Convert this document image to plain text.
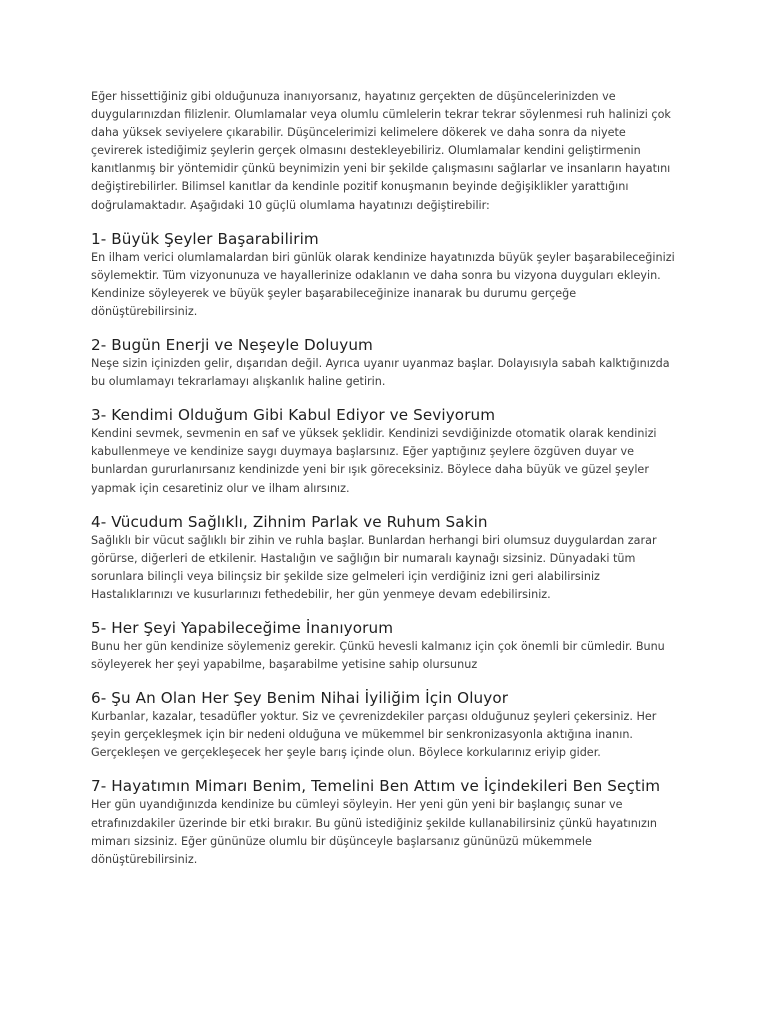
Eğer hissettiğiniz gibi olduğunuza inanıyorsanız, hayatınız gerçekten de düşüncelerinizden ve duygularınızdan filizlenir. Olumlamalar veya olumlu cümlelerin tekrar tekrar söylenmesi ruh halinizi çok daha yüksek seviyelere çıkarabilir. Düşüncelerimizi kelimelere dökerek ve daha sonra da niyete çevirerek istediğimiz şeylerin gerçek olmasını destekleyebiliriz. Olumlamalar kendini geliştirmenin kanıtlanmış bir yöntemidir çünkü beynimizin yeni bir şekilde çalışmasını sağlarlar ve insanların hayatını değiştirebilirler. Bilimsel kanıtlar da kendinle pozitif konuşmanın beyinde değişiklikler yarattığını doğrulamaktadır. Aşağıdaki 10 güçlü olumlama hayatınızı değiştirebilir:

1- Büyük Şeyler Başarabilirim

En ilham verici olumlamalardan biri günlük olarak kendinize hayatınızda büyük şeyler başarabileceğinizi söylemektir. Tüm vizyonunuza ve hayallerinize odaklanın ve daha sonra bu vizyona duyguları ekleyin. Kendinize söyleyerek ve büyük şeyler başarabileceğinize inanarak bu durumu gerçeğe dönüştürebilirsiniz.

2- Bugün Enerji ve Neşeyle Doluyum

Neşe sizin içinizden gelir, dışarıdan değil. Ayrıca uyanır uyanmaz başlar. Dolayısıyla sabah kalktığınızda bu olumlamayı tekrarlamayı alışkanlık haline getirin.

3- Kendimi Olduğum Gibi Kabul Ediyor ve Seviyorum

Kendini sevmek, sevmenin en saf ve yüksek şeklidir. Kendinizi sevdiğinizde otomatik olarak kendinizi kabullenmeye ve kendinize saygı duymaya başlarsınız. Eğer yaptığınız şeylere özgüven duyar ve bunlardan gururlanırsanız kendinizde yeni bir ışık göreceksiniz. Böylece daha büyük ve güzel şeyler yapmak için cesaretiniz olur ve ilham alırsınız.

4- Vücudum Sağlıklı, Zihnim Parlak ve Ruhum Sakin

Sağlıklı bir vücut sağlıklı bir zihin ve ruhla başlar. Bunlardan herhangi biri olumsuz duygulardan zarar görürse, diğerleri de etkilenir. Hastalığın ve sağlığın bir numaralı kaynağı sizsiniz. Dünyadaki tüm sorunlara bilinçli veya bilinçsiz bir şekilde size gelmeleri için verdiğiniz izni geri alabilirsiniz Hastalıklarınızı ve kusurlarınızı fethedebilir, her gün yenmeye devam edebilirsiniz.

5- Her Şeyi Yapabileceğime İnanıyorum

Bunu her gün kendinize söylemeniz gerekir. Çünkü hevesli kalmanız için çok önemli bir cümledir. Bunu söyleyerek her şeyi yapabilme, başarabilme yetisine sahip olursunuz

6- Şu An Olan Her Şey Benim Nihai İyiliğim İçin Oluyor

Kurbanlar, kazalar, tesadüfler yoktur. Siz ve çevrenizdekiler parçası olduğunuz şeyleri çekersiniz. Her şeyin gerçekleşmek için bir nedeni olduğuna ve mükemmel bir senkronizasyonla aktığına inanın. Gerçekleşen ve gerçekleşecek her şeyle barış içinde olun. Böylece korkularınız eriyip gider.

7- Hayatımın Mimarı Benim, Temelini Ben Attım ve İçindekileri Ben Seçtim

Her gün uyandığınızda kendinize bu cümleyi söyleyin. Her yeni gün yeni bir başlangıç sunar ve etrafınızdakiler üzerinde bir etki bırakır. Bu günü istediğiniz şekilde kullanabilirsiniz çünkü hayatınızın mimarı sizsiniz. Eğer gününüze olumlu bir düşünceyle başlarsanız gününüzü mükemmele dönüştürebilirsiniz.
